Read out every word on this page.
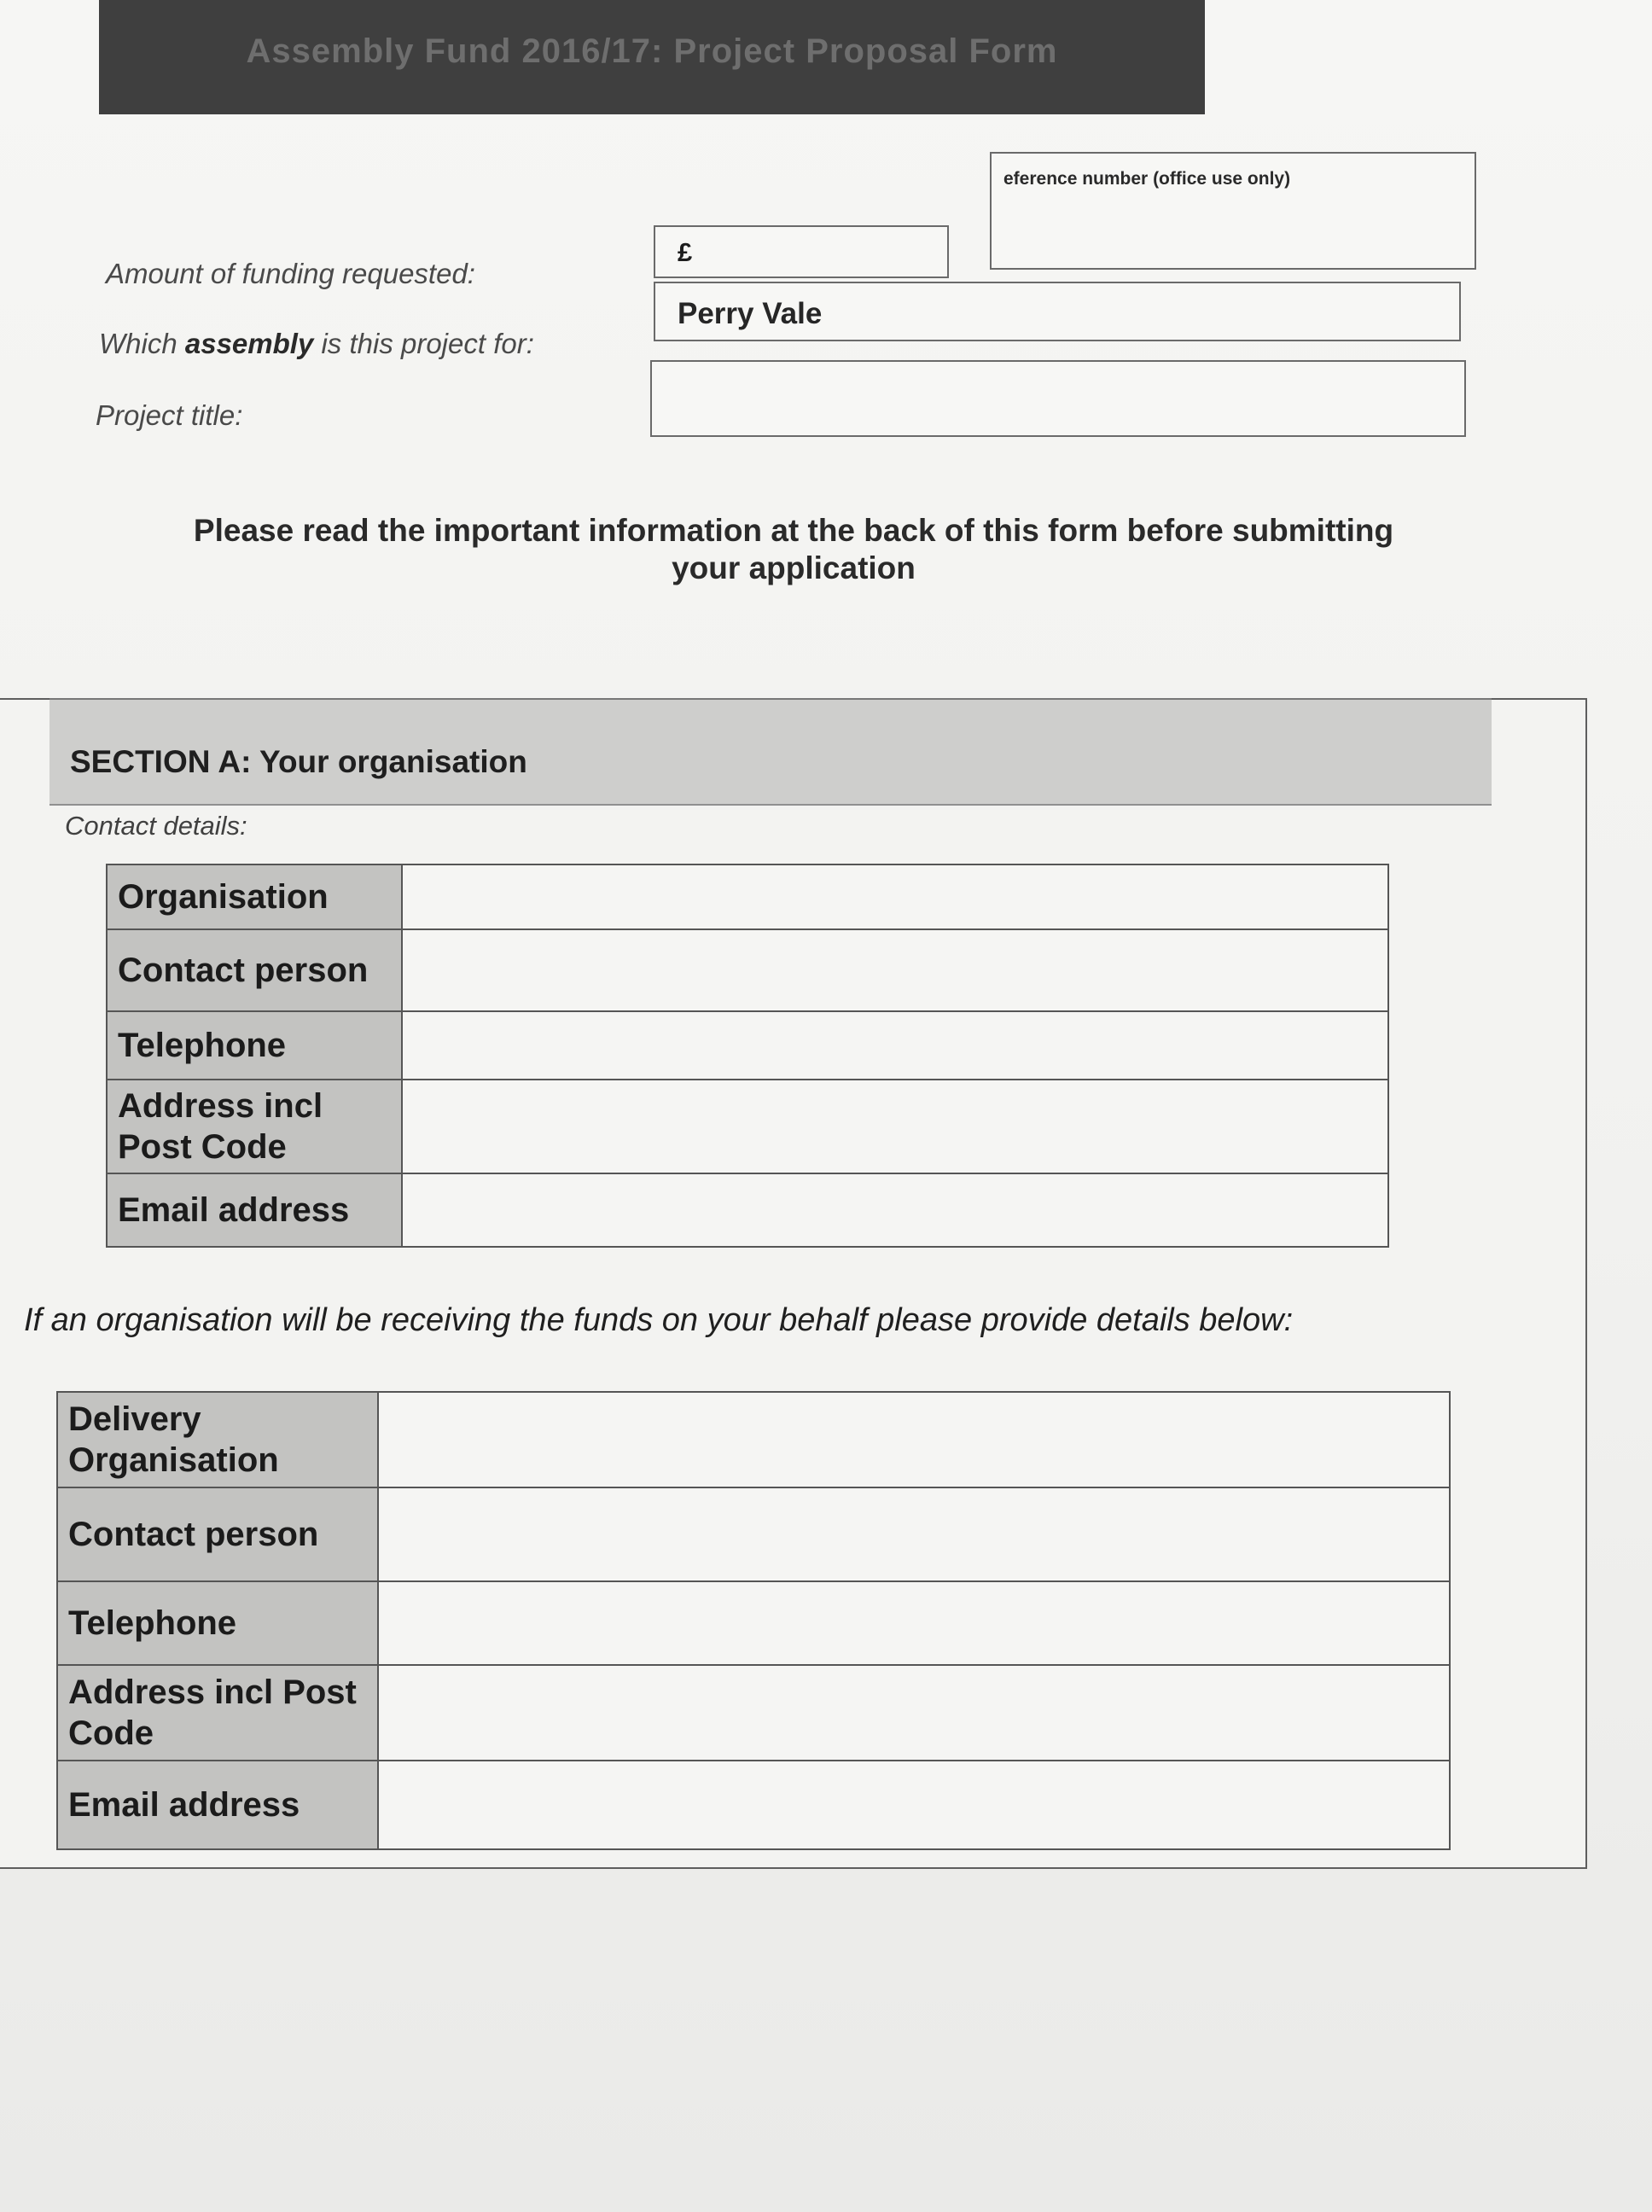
Assembly Fund 2016/17: Project Proposal Form
eference number (office use only)
Amount of funding requested:
£
Which assembly is this project for:
Perry Vale
Project title:
Please read the important information at the back of this form before submitting
your application
SECTION A: Your organisation
Contact details:
Organisation	
Contact person	
Telephone	
Address incl Post Code	
Email address	
If an organisation will be receiving the funds on your behalf please provide details below:
Delivery Organisation	
Contact person	
Telephone	
Address incl Post Code	
Email address	
